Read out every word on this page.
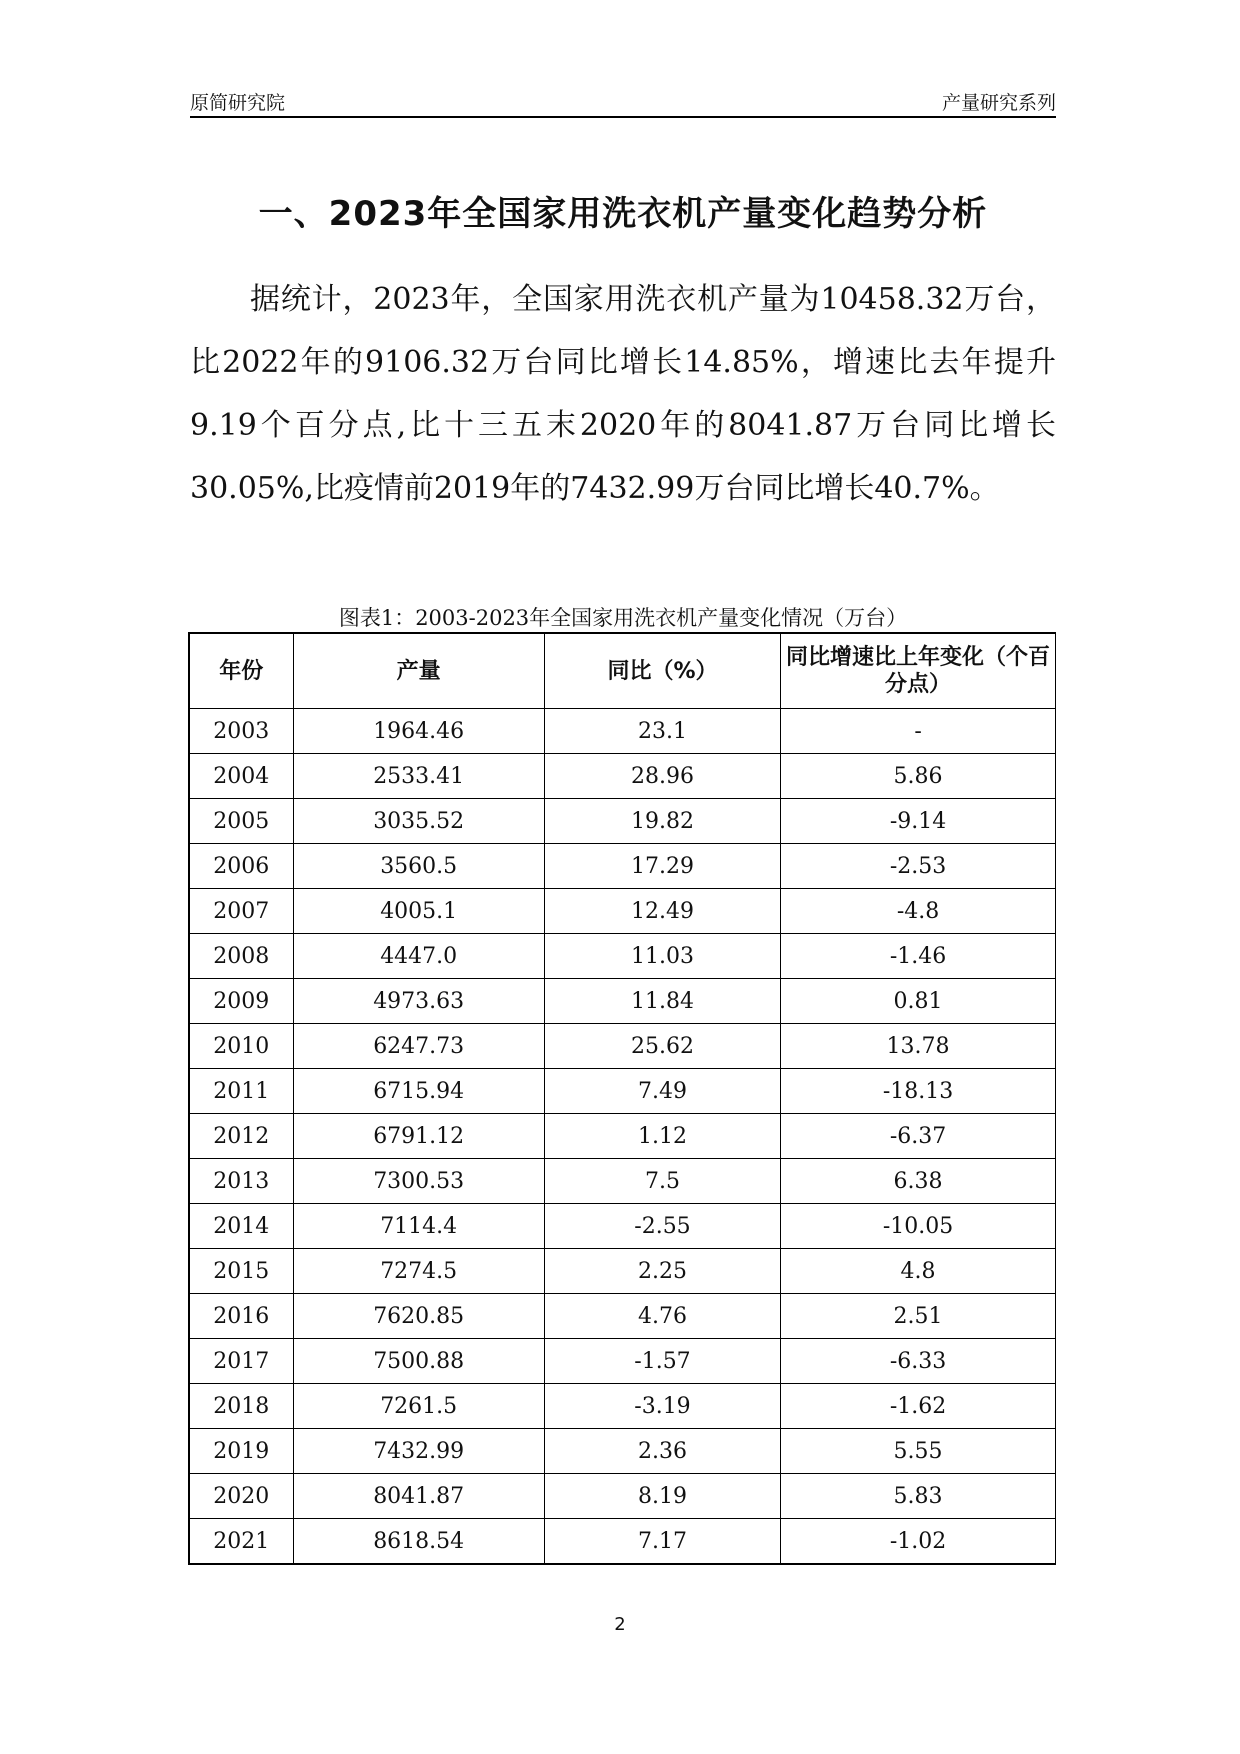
原简研究院	产量研究系列
一、2023年全国家用洗衣机产量变化趋势分析

据统计，2023年，全国家用洗衣机产量为10458.32万台，比2022年的9106.32万台同比增长14.85%，增速比去年提升9.19个百分点,比十三五末2020年的8041.87万台同比增长30.05%,比疫情前2019年的7432.99万台同比增长40.7%。

图表1：2003-2023年全国家用洗衣机产量变化情况（万台）
年份	产量	同比（%）	同比增速比上年变化（个百分点）
2003	1964.46	23.1	-
2004	2533.41	28.96	5.86
2005	3035.52	19.82	-9.14
2006	3560.5	17.29	-2.53
2007	4005.1	12.49	-4.8
2008	4447.0	11.03	-1.46
2009	4973.63	11.84	0.81
2010	6247.73	25.62	13.78
2011	6715.94	7.49	-18.13
2012	6791.12	1.12	-6.37
2013	7300.53	7.5	6.38
2014	7114.4	-2.55	-10.05
2015	7274.5	2.25	4.8
2016	7620.85	4.76	2.51
2017	7500.88	-1.57	-6.33
2018	7261.5	-3.19	-1.62
2019	7432.99	2.36	5.55
2020	8041.87	8.19	5.83
2021	8618.54	7.17	-1.02
2
